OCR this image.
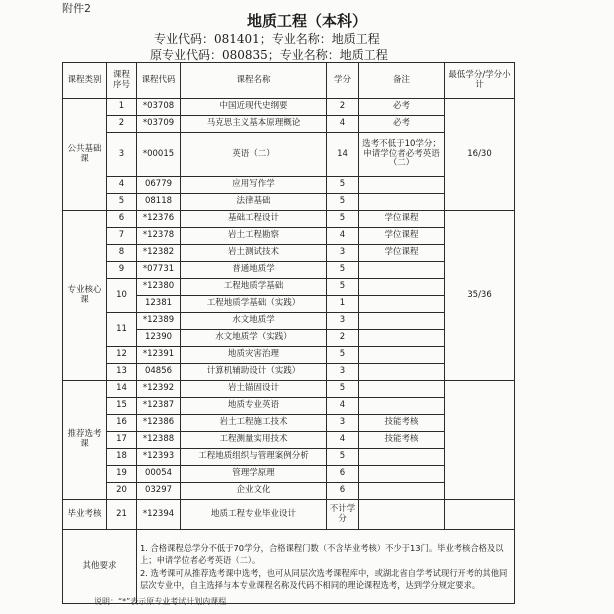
附件2
地质工程（本科）
专业代码：081401；专业名称：地质工程
原专业代码：080835；专业名称：地质工程
课程类别	课程序号	课程代码	课程名称	学分	备注	最低学分/学分小计
公共基础课	1	*03708	中国近现代史纲要	2	必考	16/30
	2	*03709	马克思主义基本原理概论	4	必考	
	3	*00015	英语（二）	14	选考不低于10学分；申请学位者必考英语（二）	
	4	06779	应用写作学	5		
	5	08118	法律基础	5		
专业核心课	6	*12376	基础工程设计	5	学位课程	35/36
	7	*12378	岩土工程勘察	4	学位课程	
	8	*12382	岩土测试技术	3	学位课程	
	9	*07731	普通地质学	5		
	10	*12380	工程地质学基础	5		
		12381	工程地质学基础（实践）	1		
	11	*12389	水文地质学	3		
		12390	水文地质学（实践）	2		
	12	*12391	地质灾害治理	5		
	13	04856	计算机辅助设计（实践）	3		
推荐选考课	14	*12392	岩土锚固设计	5		
	15	*12387	地质专业英语	4		
	16	*12386	岩土工程施工技术	3	技能考核	
	17	*12388	工程测量实用技术	4	技能考核	
	18	*12393	工程地质组织与管理案例分析	5		
	19	00054	管理学原理	6		
	20	03297	企业文化	6		
毕业考核	21	*12394	地质工程专业毕业设计	不计学分		
其他要求		1. 合格课程总学分不低于70学分，合格课程门数（不含毕业考核）不少于13门。毕业考核合格及以上；申请学位者必考英语（二）。
2. 选考课可从推荐选考课中选考，也可从同层次选考课程库中，或湖北省自学考试现行开考的其他同层次专业中，自主选择与本专业课程名称及代码不相同的理论课程选考，达到学分规定要求。				
说明：“*”表示原专业考试计划内课程
